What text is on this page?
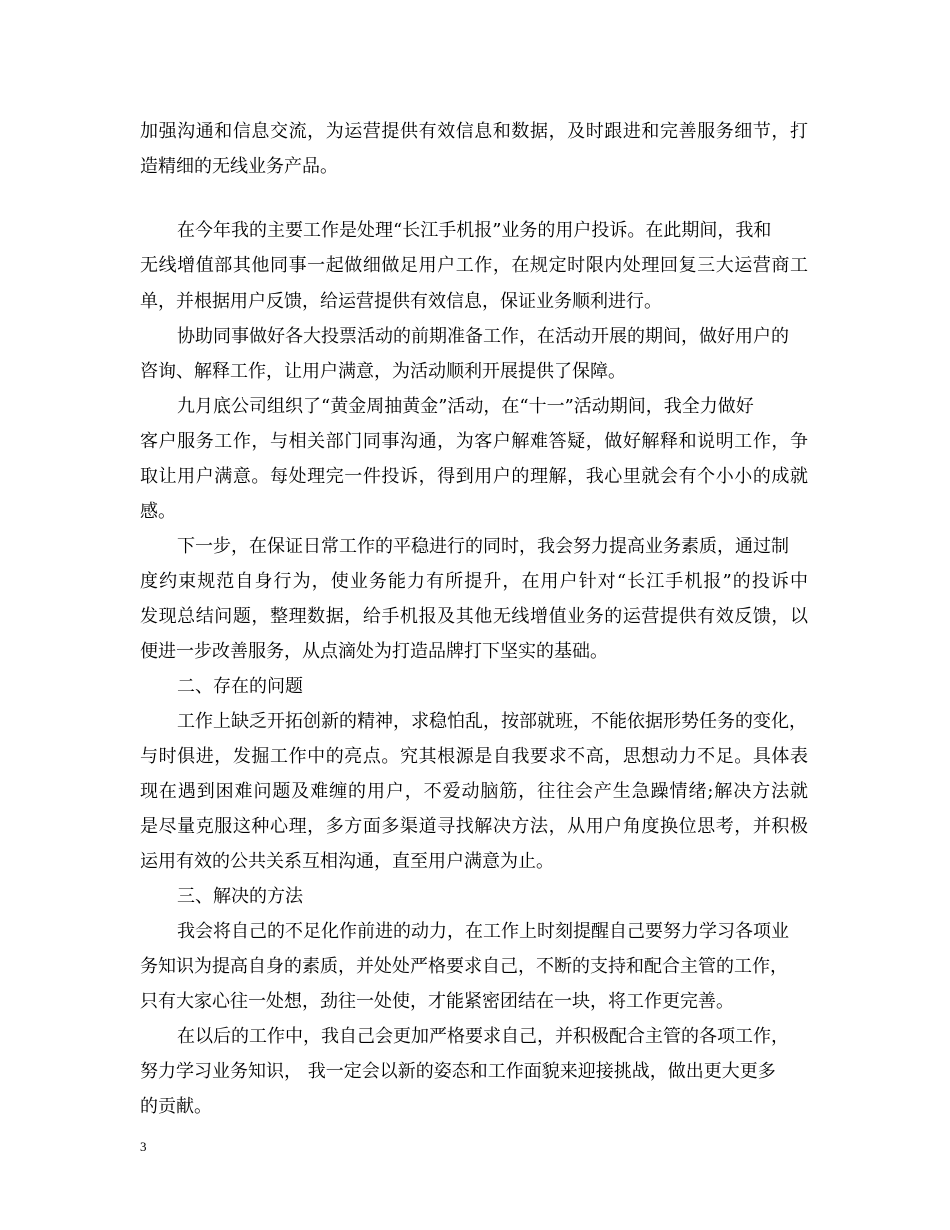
加强沟通和信息交流，为运营提供有效信息和数据，及时跟进和完善服务细节，打
造精细的无线业务产品。
在今年我的主要工作是处理“长江手机报”业务的用户投诉。在此期间，我和
无线增值部其他同事一起做细做足用户工作，在规定时限内处理回复三大运营商工
单，并根据用户反馈，给运营提供有效信息，保证业务顺利进行。
协助同事做好各大投票活动的前期准备工作，在活动开展的期间，做好用户的
咨询、解释工作，让用户满意，为活动顺利开展提供了保障。
九月底公司组织了“黄金周抽黄金”活动，在“十一”活动期间，我全力做好
客户服务工作，与相关部门同事沟通，为客户解难答疑，做好解释和说明工作，争
取让用户满意。每处理完一件投诉，得到用户的理解，我心里就会有个小小的成就
感。
下一步，在保证日常工作的平稳进行的同时，我会努力提高业务素质，通过制
度约束规范自身行为，使业务能力有所提升，在用户针对“长江手机报”的投诉中
发现总结问题，整理数据，给手机报及其他无线增值业务的运营提供有效反馈，以
便进一步改善服务，从点滴处为打造品牌打下坚实的基础。
二、存在的问题
工作上缺乏开拓创新的精神，求稳怕乱，按部就班，不能依据形势任务的变化，
与时俱进，发掘工作中的亮点。究其根源是自我要求不高，思想动力不足。具体表
现在遇到困难问题及难缠的用户，不爱动脑筋，往往会产生急躁情绪;解决方法就
是尽量克服这种心理，多方面多渠道寻找解决方法，从用户角度换位思考，并积极
运用有效的公共关系互相沟通，直至用户满意为止。
三、解决的方法
我会将自己的不足化作前进的动力，在工作上时刻提醒自己要努力学习各项业
务知识为提高自身的素质，并处处严格要求自己，不断的支持和配合主管的工作，
只有大家心往一处想，劲往一处使，才能紧密团结在一块，将工作更完善。
在以后的工作中，我自己会更加严格要求自己，并积极配合主管的各项工作，
努力学习业务知识， 我一定会以新的姿态和工作面貌来迎接挑战，做出更大更多
的贡献。
3
